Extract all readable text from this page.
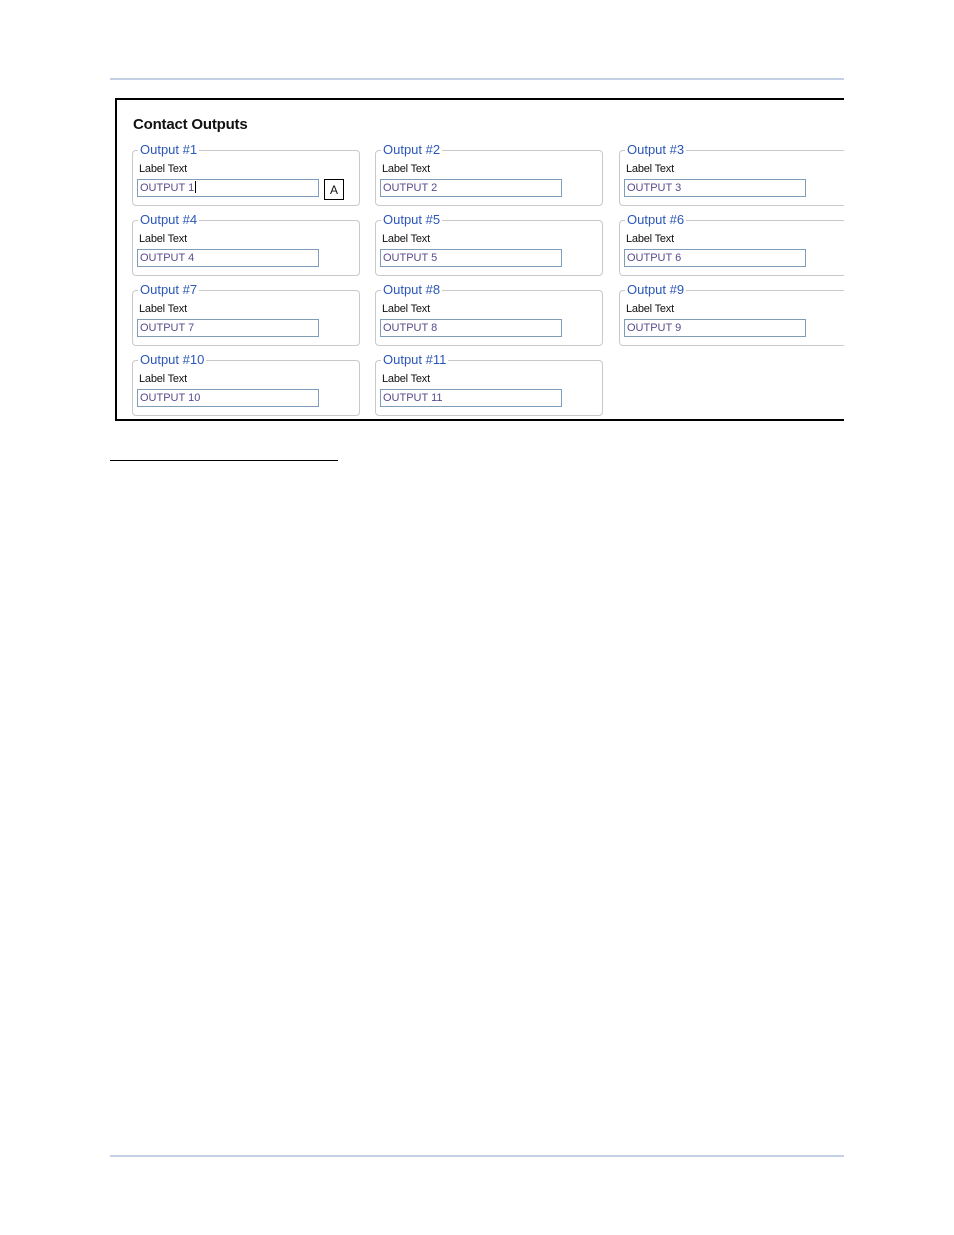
Contact Outputs
Output #1
Label Text
OUTPUT 1	A
Output #2
Label Text
OUTPUT 2
Output #3
Label Text
OUTPUT 3
Output #4
Label Text
OUTPUT 4
Output #5
Label Text
OUTPUT 5
Output #6
Label Text
OUTPUT 6
Output #7
Label Text
OUTPUT 7
Output #8
Label Text
OUTPUT 8
Output #9
Label Text
OUTPUT 9
Output #10
Label Text
OUTPUT 10
Output #11
Label Text
OUTPUT 11
